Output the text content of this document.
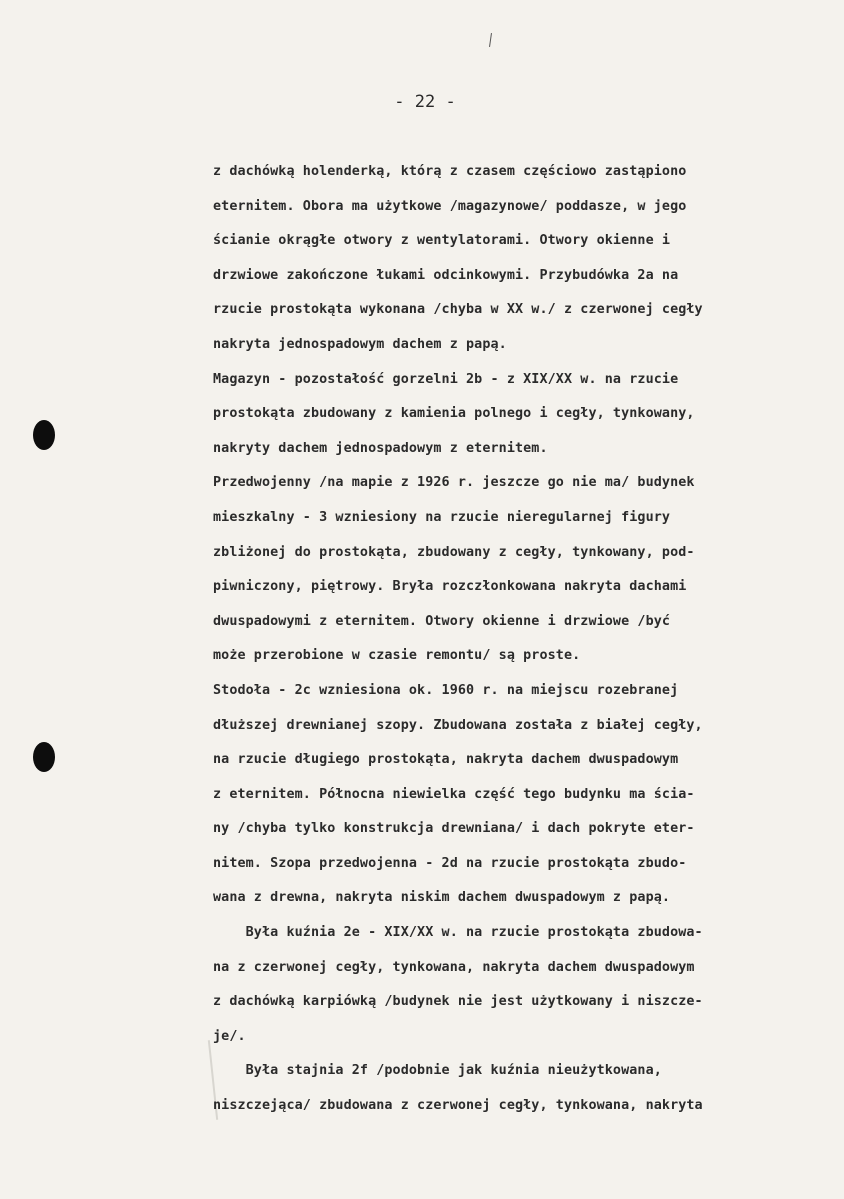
- 22 -
z dachówką holenderką, którą z czasem częściowo zastąpiono
eternitem. Obora ma użytkowe /magazynowe/ poddasze, w jego
ścianie okrągłe otwory z wentylatorami. Otwory okienne i
drzwiowe zakończone łukami odcinkowymi. Przybudówka 2a na
rzucie prostokąta wykonana /chyba w XX w./ z czerwonej cegły
nakryta jednospadowym dachem z papą.
Magazyn - pozostałość gorzelni 2b - z XIX/XX w. na rzucie
prostokąta zbudowany z kamienia polnego i cegły, tynkowany,
nakryty dachem jednospadowym z eternitem.
Przedwojenny /na mapie z 1926 r. jeszcze go nie ma/ budynek
mieszkalny - 3 wzniesiony na rzucie nieregularnej figury
zbliżonej do prostokąta, zbudowany z cegły, tynkowany, pod-
piwniczony, piętrowy. Bryła rozczłonkowana nakryta dachami
dwuspadowymi z eternitem. Otwory okienne i drzwiowe /być
może przerobione w czasie remontu/ są proste.
Stodoła - 2c wzniesiona ok. 1960 r. na miejscu rozebranej
dłuższej drewnianej szopy. Zbudowana została z białej cegły,
na rzucie długiego prostokąta, nakryta dachem dwuspadowym
z eternitem. Północna niewielka część tego budynku ma ścia-
ny /chyba tylko konstrukcja drewniana/ i dach pokryte eter-
nitem. Szopa przedwojenna - 2d na rzucie prostokąta zbudo-
wana z drewna, nakryta niskim dachem dwuspadowym z papą.
Była kuźnia 2e - XIX/XX w. na rzucie prostokąta zbudowa-
na z czerwonej cegły, tynkowana, nakryta dachem dwuspadowym
z dachówką karpiówką /budynek nie jest użytkowany i niszcze-
je/.
Była stajnia 2f /podobnie jak kuźnia nieużytkowana,
niszczejąca/ zbudowana z czerwonej cegły, tynkowana, nakryta
